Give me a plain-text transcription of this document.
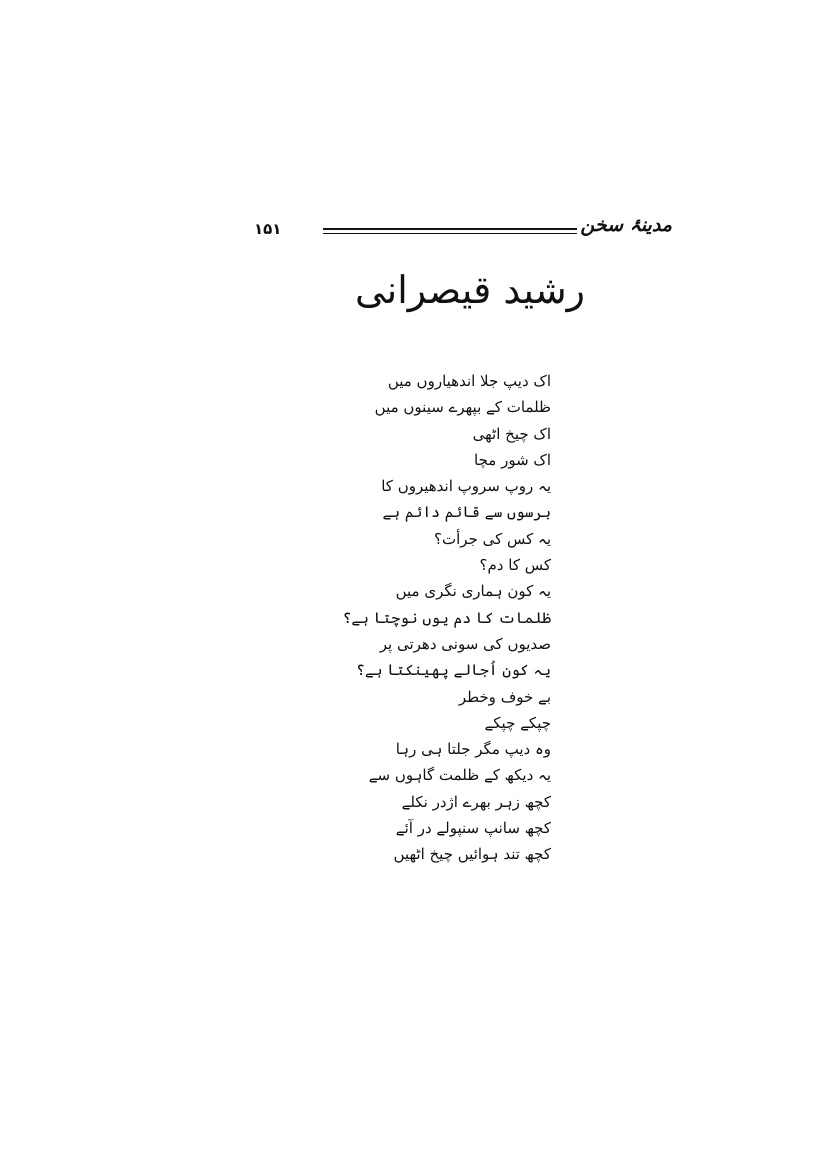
۱۵۱	مدینۂ سخن
رشید قیصرانی
اک دیپ جلا اندھیاروں میں
ظلمات کے بپھرے سینوں میں
اک چیخ اٹھی
اک شور مچا
یہ روپ سروپ اندھیروں کا
برسوں سے قائم دائم ہے
یہ کس کی جرأت؟
کس کا دم؟
یہ کون ہماری نگری میں
ظلمات کا دم یوں نوچتا ہے؟
صدیوں کی سونی دھرتی پر
یہ کون اُجالے پھینکتا ہے؟
بے خوف وخطر
چپکے چپکے
وہ دیپ مگر جلتا ہی رہا
یہ دیکھ کے ظلمت گاہوں سے
کچھ زہر بھرے اژدر نکلے
کچھ سانپ سنپولے در آئے
کچھ تند ہوائیں چیخ اٹھیں
